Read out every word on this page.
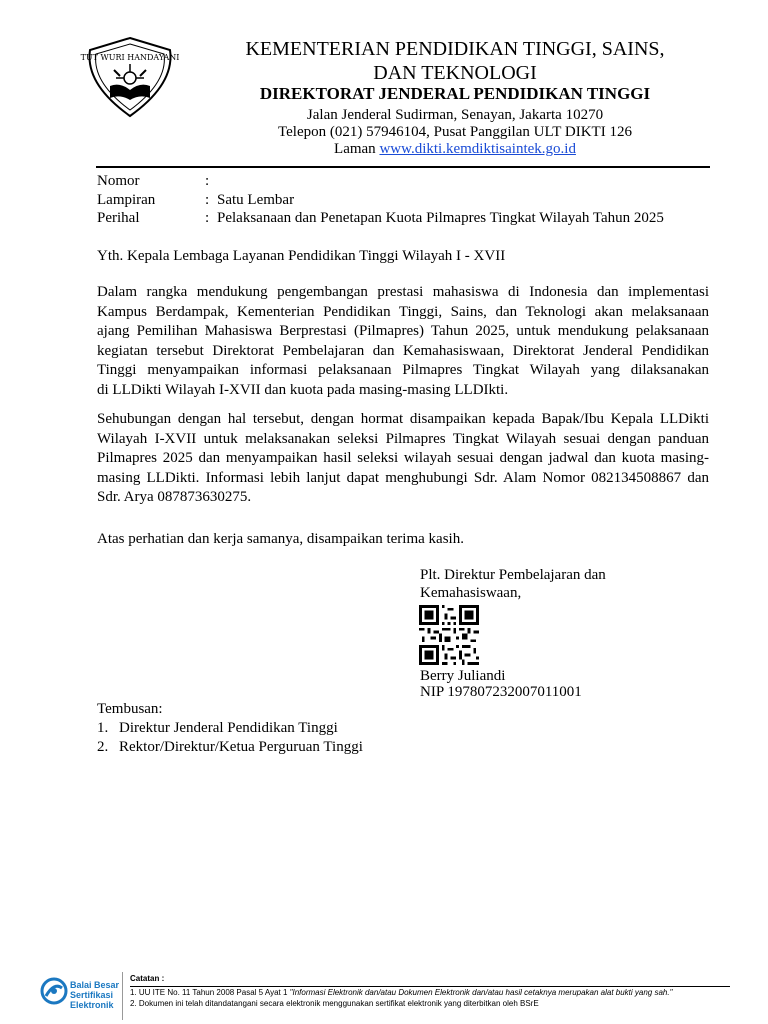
TUT WURI HANDAYANI	KEMENTERIAN PENDIDIKAN TINGGI, SAINS,
DAN TEKNOLOGI
DIREKTORAT JENDERAL PENDIDIKAN TINGGI
Jalan Jenderal Sudirman, Senayan, Jakarta 10270
Telepon (021) 57946104, Pusat Panggilan ULT DIKTI 126
Laman www.dikti.kemdiktisaintek.go.id
Nomor	:
Lampiran	: Satu Lembar
Perihal	: Pelaksanaan dan Penetapan Kuota Pilmapres Tingkat Wilayah Tahun 2025
Yth. Kepala Lembaga Layanan Pendidikan Tinggi Wilayah I - XVII
Dalam rangka mendukung pengembangan prestasi mahasiswa di Indonesia dan implementasi
Kampus Berdampak, Kementerian Pendidikan Tinggi, Sains, dan Teknologi akan melaksanaan
ajang Pemilihan Mahasiswa Berprestasi (Pilmapres) Tahun 2025, untuk mendukung pelaksanaan
kegiatan tersebut Direktorat Pembelajaran dan Kemahasiswaan, Direktorat Jenderal Pendidikan
Tinggi menyampaikan informasi pelaksanaan Pilmapres Tingkat Wilayah yang dilaksanakan
di LLDikti Wilayah I-XVII dan kuota pada masing-masing LLDIkti.
Sehubungan dengan hal tersebut, dengan hormat disampaikan kepada Bapak/Ibu Kepala LLDikti
Wilayah I-XVII untuk melaksanakan seleksi Pilmapres Tingkat Wilayah sesuai dengan panduan
Pilmapres 2025 dan menyampaikan hasil seleksi wilayah sesuai dengan jadwal dan kuota masing-
masing LLDikti. Informasi lebih lanjut dapat menghubungi Sdr. Alam Nomor 082134508867 dan
Sdr. Arya 087873630275.
Atas perhatian dan kerja samanya, disampaikan terima kasih.
Plt. Direktur Pembelajaran dan
Kemahasiswaan,
Berry Juliandi
NIP 197807232007011001
Tembusan:
1. Direktur Jenderal Pendidikan Tinggi
2. Rektor/Direktur/Ketua Perguruan Tinggi
Balai Besar
Sertifikasi
Elektronik
Catatan :
1. UU ITE No. 11 Tahun 2008 Pasal 5 Ayat 1 "Informasi Elektronik dan/atau Dokumen Elektronik dan/atau hasil cetaknya merupakan alat bukti yang sah."
2. Dokumen ini telah ditandatangani secara elektronik menggunakan sertifikat elektronik yang diterbitkan oleh BSrE
